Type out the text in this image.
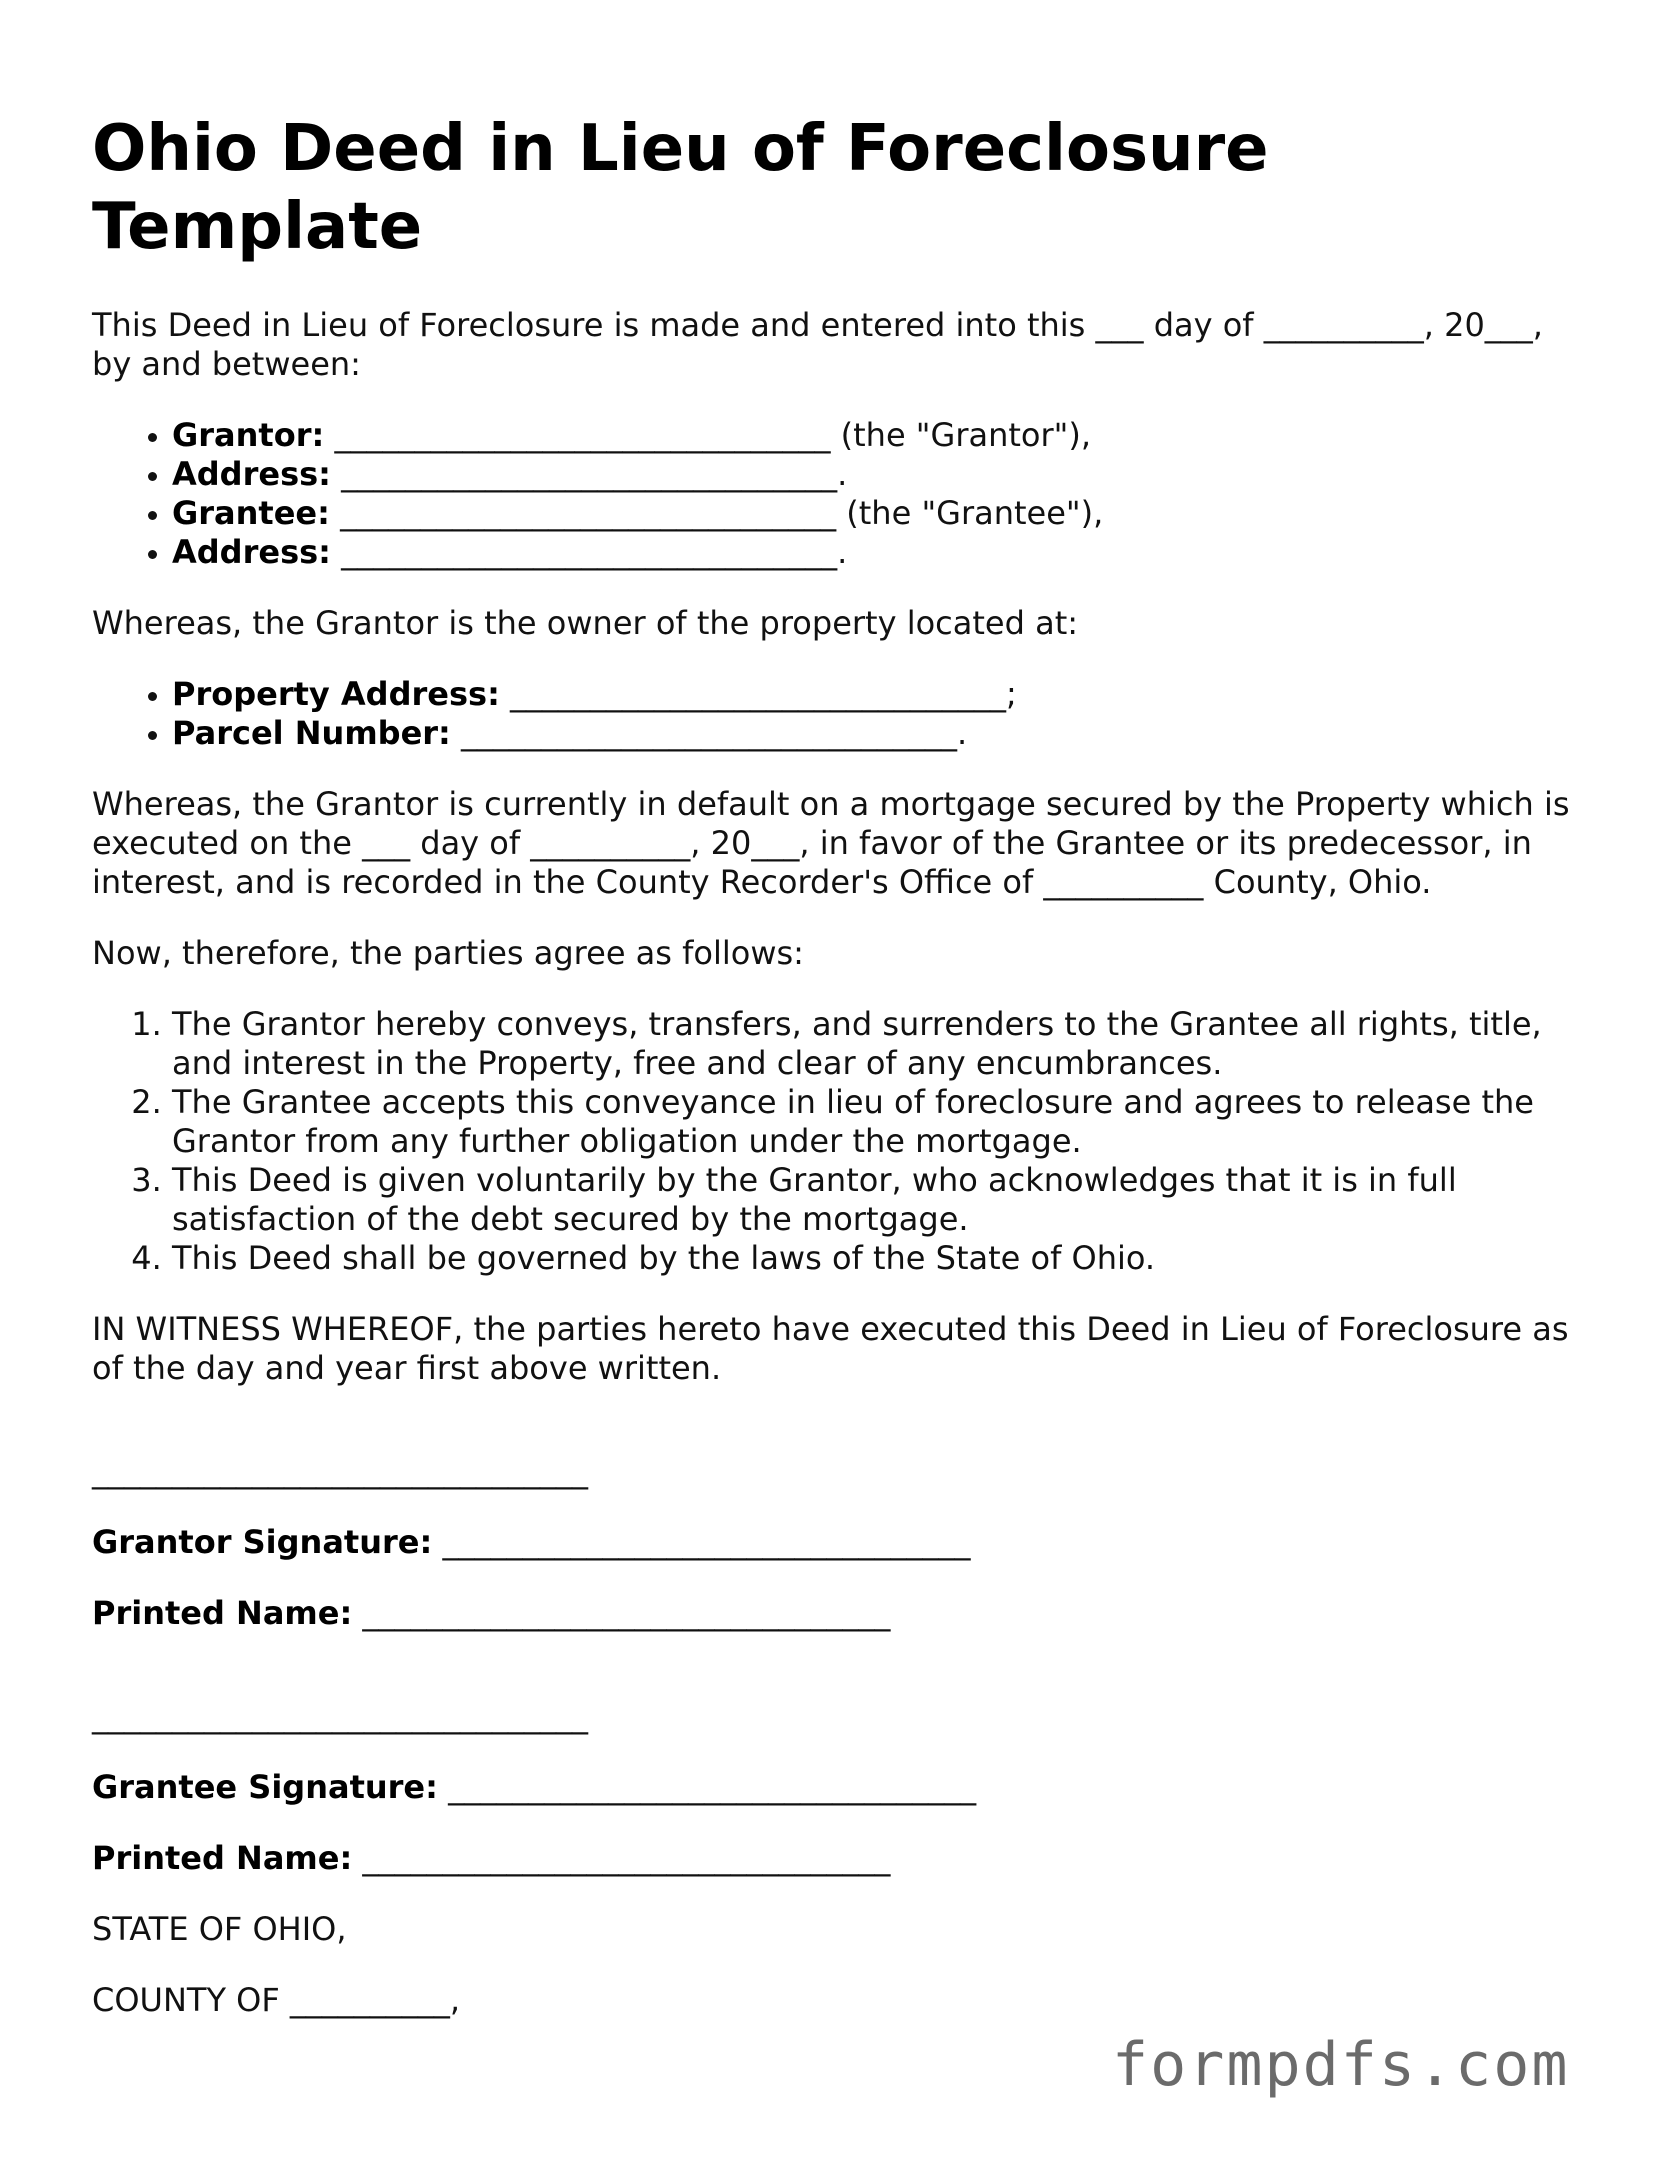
Ohio Deed in Lieu of Foreclosure Template

This Deed in Lieu of Foreclosure is made and entered into this ___ day of __________, 20___, by and between:

• Grantor: _______________________________ (the "Grantor"),
• Address: _______________________________.
• Grantee: _______________________________ (the "Grantee"),
• Address: _______________________________.

Whereas, the Grantor is the owner of the property located at:

• Property Address: _______________________________;
• Parcel Number: _______________________________.

Whereas, the Grantor is currently in default on a mortgage secured by the Property which is executed on the ___ day of __________, 20___, in favor of the Grantee or its predecessor, in interest, and is recorded in the County Recorder's Office of __________ County, Ohio.

Now, therefore, the parties agree as follows:

1. The Grantor hereby conveys, transfers, and surrenders to the Grantee all rights, title, and interest in the Property, free and clear of any encumbrances.
2. The Grantee accepts this conveyance in lieu of foreclosure and agrees to release the Grantor from any further obligation under the mortgage.
3. This Deed is given voluntarily by the Grantor, who acknowledges that it is in full satisfaction of the debt secured by the mortgage.
4. This Deed shall be governed by the laws of the State of Ohio.

IN WITNESS WHEREOF, the parties hereto have executed this Deed in Lieu of Foreclosure as of the day and year first above written.

_______________________________
Grantor Signature: _________________________________
Printed Name: _________________________________
_______________________________
Grantee Signature: _________________________________
Printed Name: _________________________________
STATE OF OHIO,
COUNTY OF __________,
formpdfs.com
